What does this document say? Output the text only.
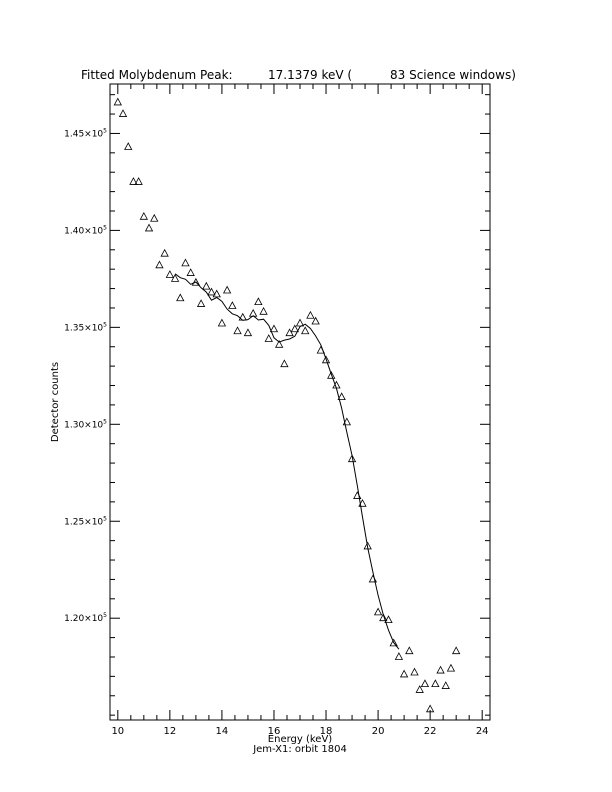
Fitted Molybdenum Peak:	17.1379 keV (	83 Science windows)
10	12	14	16	18	20	22	24
$1.20\times 10^5$
$1.25\times 10^5$
$1.30\times 10^5$
$1.35\times 10^5$
$1.40\times 10^5$
$1.45\times 10^5$
Energy (keV)
Jem-X1: orbit 1804
Detector counts
